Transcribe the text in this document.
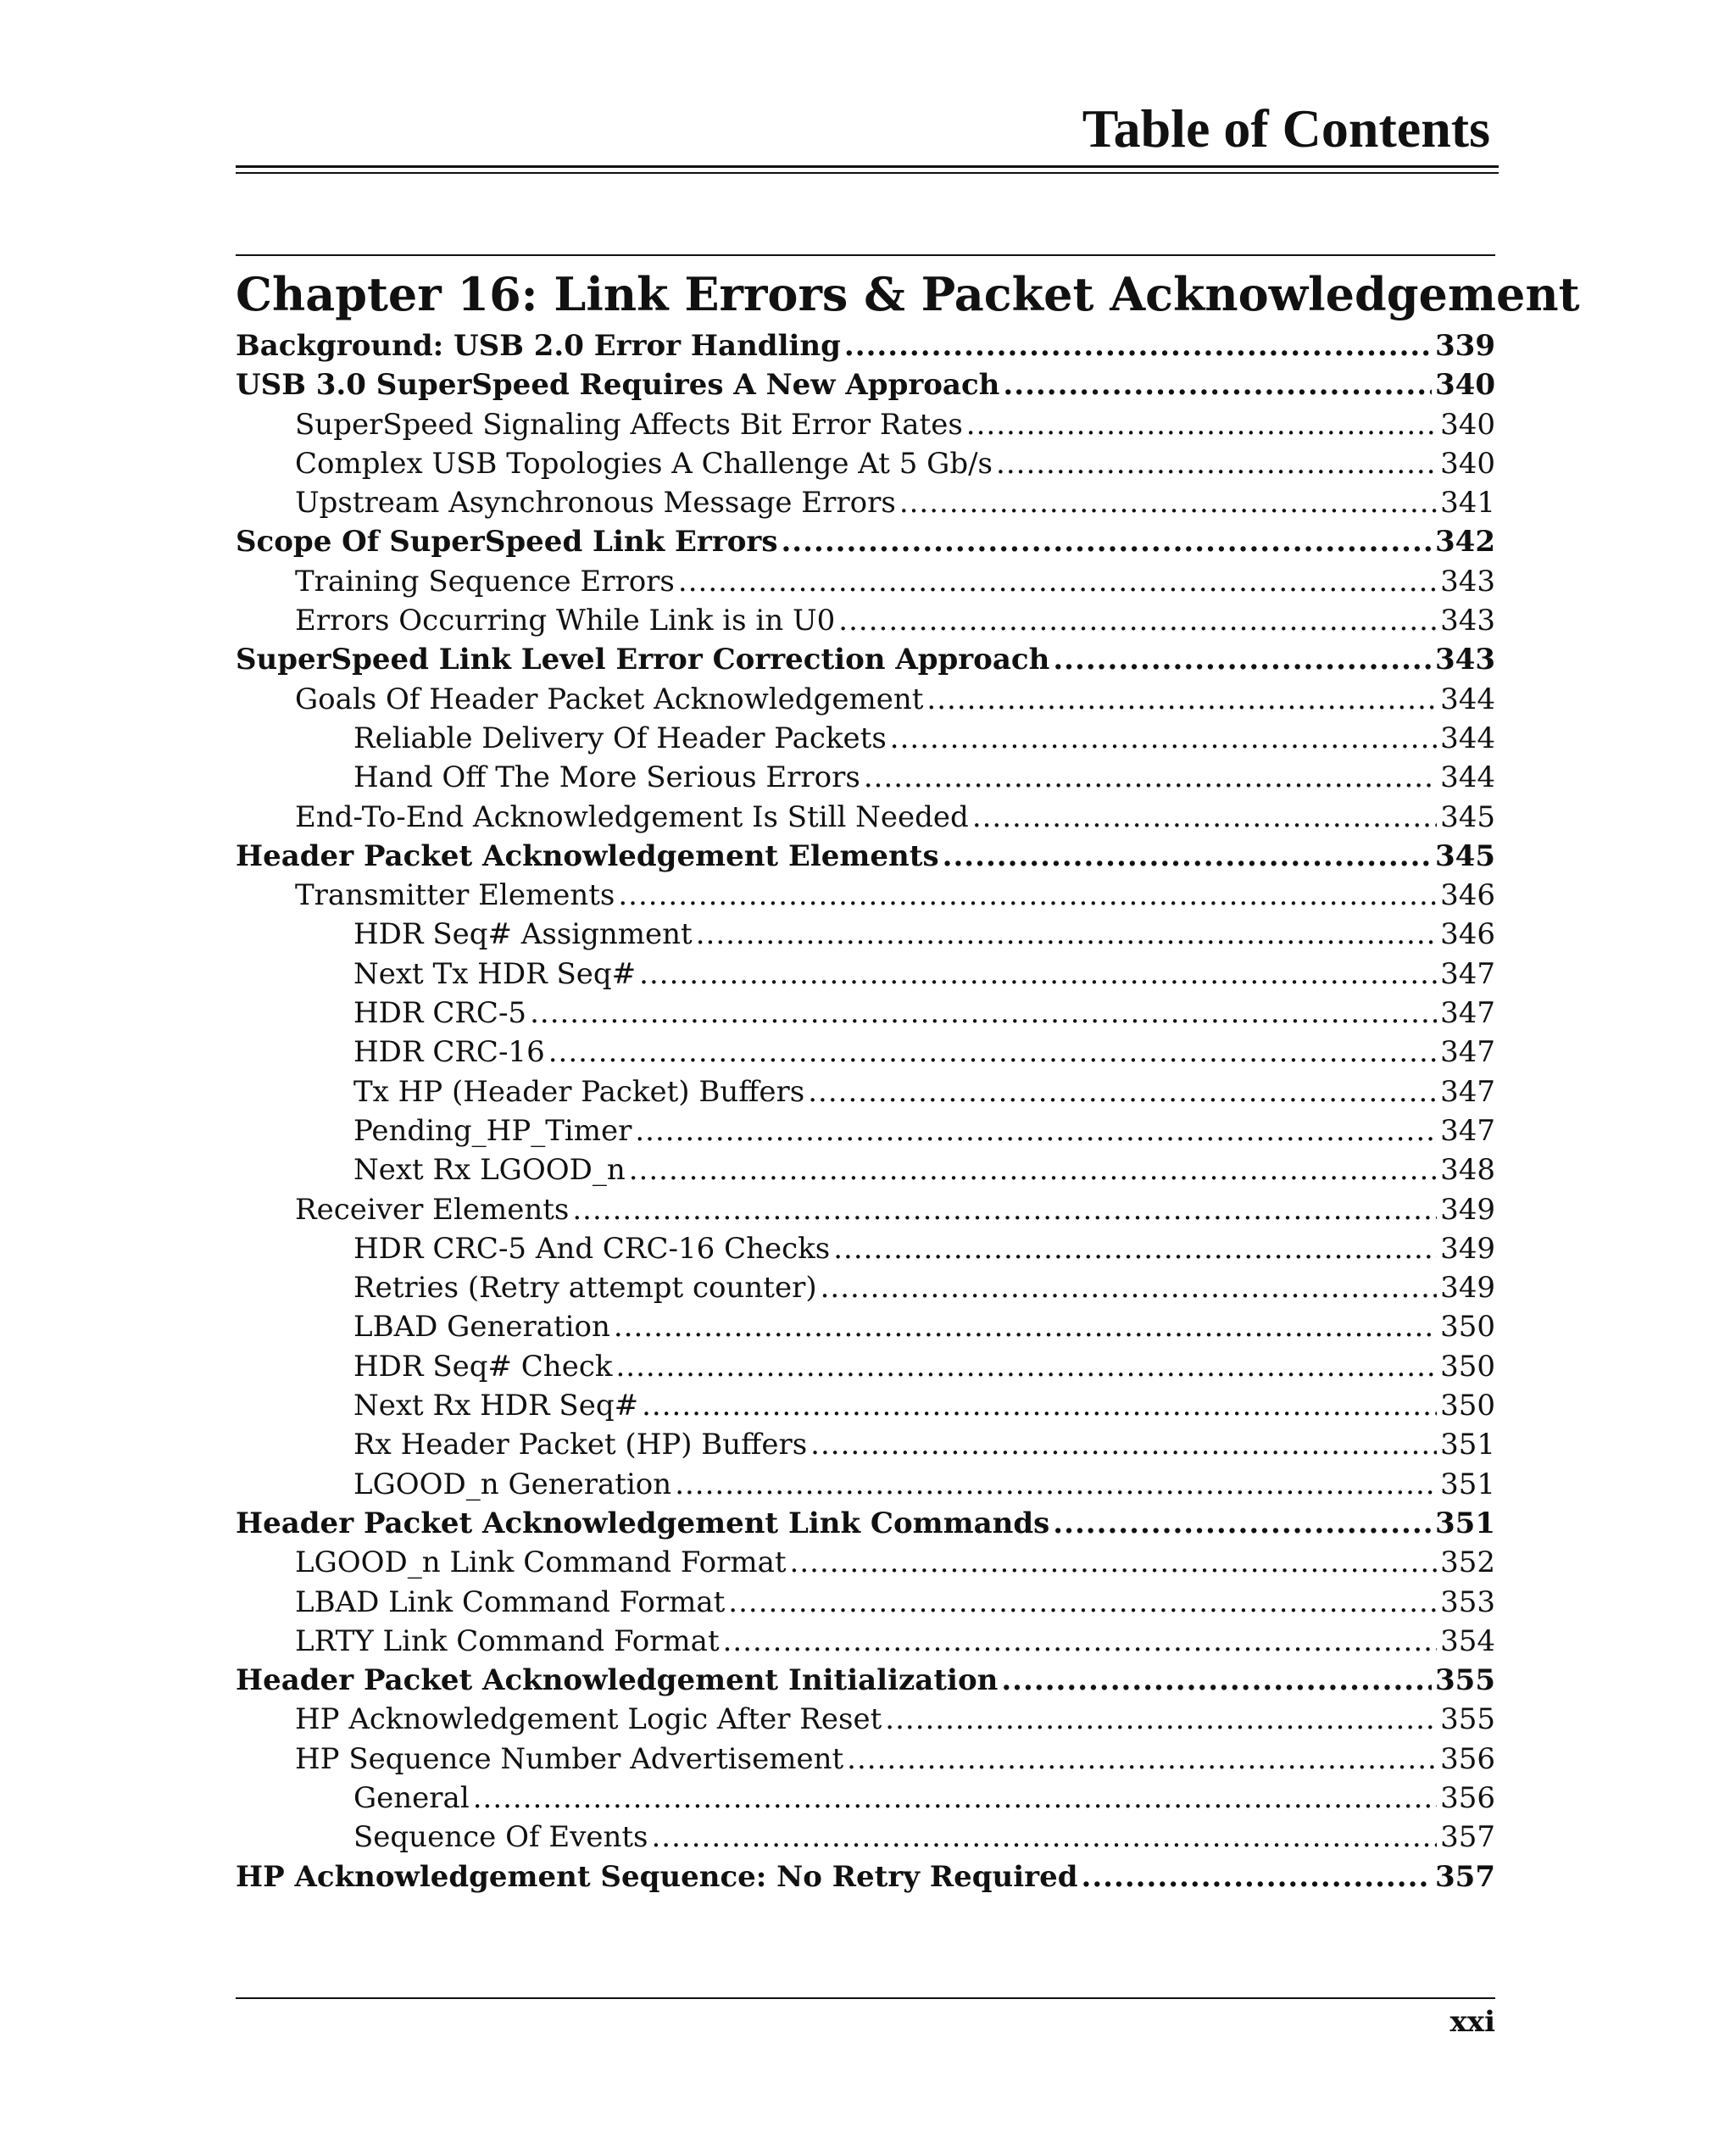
Table of Contents
Chapter 16: Link Errors & Packet Acknowledgement
Background: USB 2.0 Error Handling .....	339
USB 3.0 SuperSpeed Requires A New Approach .....	340
SuperSpeed Signaling Affects Bit Error Rates .....	340
Complex USB Topologies A Challenge At 5 Gb/s .....	340
Upstream Asynchronous Message Errors .....	341
Scope Of SuperSpeed Link Errors .....	342
Training Sequence Errors .....	343
Errors Occurring While Link is in U0 .....	343
SuperSpeed Link Level Error Correction Approach .....	343
Goals Of Header Packet Acknowledgement .....	344
Reliable Delivery Of Header Packets .....	344
Hand Off The More Serious Errors .....	344
End-To-End Acknowledgement Is Still Needed .....	345
Header Packet Acknowledgement Elements .....	345
Transmitter Elements .....	346
HDR Seq# Assignment .....	346
Next Tx HDR Seq# .....	347
HDR CRC-5 .....	347
HDR CRC-16 .....	347
Tx HP (Header Packet) Buffers .....	347
Pending_HP_Timer .....	347
Next Rx LGOOD_n .....	348
Receiver Elements .....	349
HDR CRC-5 And CRC-16 Checks .....	349
Retries (Retry attempt counter) .....	349
LBAD Generation .....	350
HDR Seq# Check .....	350
Next Rx HDR Seq# .....	350
Rx Header Packet (HP) Buffers .....	351
LGOOD_n Generation .....	351
Header Packet Acknowledgement Link Commands .....	351
LGOOD_n Link Command Format .....	352
LBAD Link Command Format .....	353
LRTY Link Command Format .....	354
Header Packet Acknowledgement Initialization .....	355
HP Acknowledgement Logic After Reset .....	355
HP Sequence Number Advertisement .....	356
General .....	356
Sequence Of Events .....	357
HP Acknowledgement Sequence: No Retry Required .....	357
xxi
